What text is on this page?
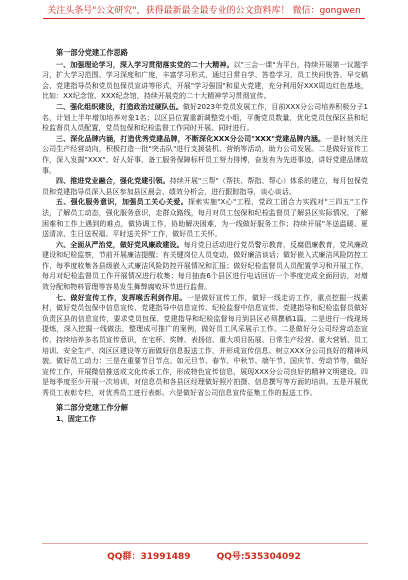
关注头条号"公文研究"，获得最新最全最专业的公文资料库！ 微信：gongwen

第一部分党建工作思路

一、加强理论学习，深入学习贯彻落实党的二十大精神。以"三会一课"为平台，持续开展第一议题学习，扩大学习范围、学习深度和广度，丰富学习形式，通过日常自学、答卷学习、员工快问快答、早交稿会、党建指导员和党员包保员宣讲等形式，开展"学习强国"和星火党建，充分利用好XXX周边红色基地，比如：XX纪念馆、XXX纪念馆，持续开展党的二十大精神学习贯彻宣传。

二、强化组织建设，打造政治过硬队伍。做好2023年党员发展工作，目前XXX分公司培养积极分子1名，计划上半年增加培养对象1名；以区县位置重新调整党小组，平衡党员数量，优化党员包保区县和纪检监督员人员配置，党员包保和纪检监督工作同时开展、同时进行。

三、深化品牌内涵，打造优秀党建品牌，不断深化XXX分公司"XXX"党建品牌内涵。一是时刻关注公司生产经营动向，积极打造一批"突击队"进行支援装机、营销等活动，助力公司发展。二是做好宣传工作，深入发掘"XXX"、好人好事、备工服务保障标杆员工努力排博，奋发有为先进事迹，讲好党建品牌故事。

四、推进党业融合，强化党建引领。持续开展"三帮"（帮扶、帮指、帮心）体系的建立，每月包保党员和党建指导员深入县区参加县区晨会、绩效分析会，进行跟踪指导，谈心谈话。

五、强化服务意识，加强员工关心关爱。探索实施"X心"工程，党政工团合力实践对"三四五"工作法，了解员工动态，强化服务意识，走群众路线，每月对员工包保和纪检监督员了解县区实际情况，了解困难和工作上遇到的难点，做协调工作，协助解决困难，为一线做好服务工作；持续开展"冬送温暖、夏送清凉、生日送祝福、平时送关怀"工作，做好员工关怀。

六、全面从严治党，做好党风廉政建设。每月党日活动进行党员警示教育，反腐倡廉教育，党风廉政建设和纪检监察，节前开展廉洁提醒；有关键岗位人员变动，做好廉洁谈话；做好嵌入式廉洁风险防控工作，每季度收集各县级嵌入式廉洁风险防控开展情况和汇报；做好纪检监督员人员配置学习和开展工作，每月对纪检监督员工作开展情况进行收集；每月抽查6个县区进行电话回访一个季度完成全面回访，对增效分配和物料管理等容易发生舞弊腐败环节进行监督。

七、做好宣传工作，发挥喉舌利剑作用。一是做好宣传工作，做好一线走访工作，重点挖掘一线素材，做好党员包保中信息宣传、党建指导中信息宣传、纪检监督中信息宣传。党建指导和纪检监督员做好负责区县的信息宣传，要求党员包保、党建指导和纪检监督每月到县区必须撰稿1篇。二是进行一线现场提炼，深入挖掘一线做法，整理成可推广的案例，做好员工风采展示工作。二是做好分公司经营动态宣传，持续培养多名员宣传意识，在宅杯、奖牌、表扬信、重大项目拓展、日常生产经营、重大营销、员工培训、安全生产、岗区区建设等方面做好信息报送工作，并形成宣传信息。树立XXX分公司良好的精神风貌。做好员工动力：三是在重要节日节点、如元旦节、春节、中秋节、端午节、国庆节、劳动节等，做好宣传工作，开展微信推送或文化传承工作，形成特色宣传信息，展现XXX分公司良好的精神文明建设。四是每季度至少开展一次培训，对信息员和各县区经理做好照片拍摄、信息撰写等方面的培训。五是开展优秀员工表彰专栏，对优秀员工进行表彰。六是做好省公司信息宣传征集工作的报送工作。

第二部分党建工作分解

1、固定工作

QQ群：31991489	QQ号:535304092
